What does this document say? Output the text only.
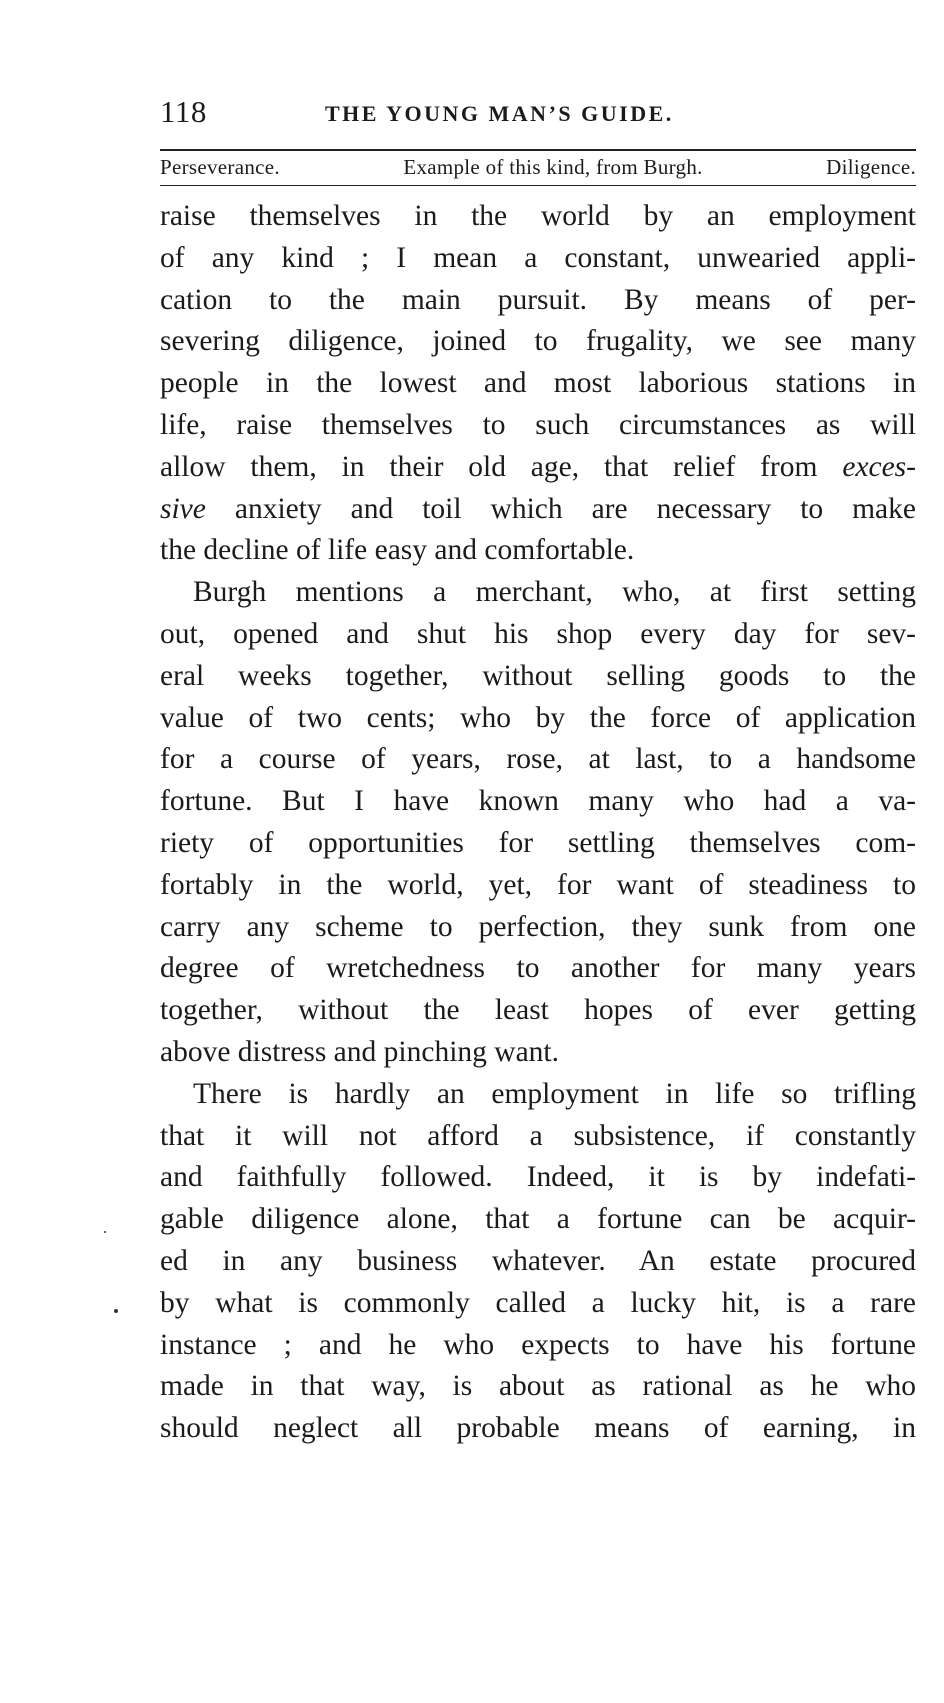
118	THE YOUNG MAN’S GUIDE.
Perseverance.	Example of this kind, from Burgh.	Diligence.
raise themselves in the world by an employment
of any kind ; I mean a constant, unwearied appli-
cation to the main pursuit. By means of per-
severing diligence, joined to frugality, we see many
people in the lowest and most laborious stations in
life, raise themselves to such circumstances as will
allow them, in their old age, that relief from exces-
sive anxiety and toil which are necessary to make
the decline of life easy and comfortable.
Burgh mentions a merchant, who, at first setting
out, opened and shut his shop every day for sev-
eral weeks together, without selling goods to the
value of two cents; who by the force of application
for a course of years, rose, at last, to a handsome
fortune. But I have known many who had a va-
riety of opportunities for settling themselves com-
fortably in the world, yet, for want of steadiness to
carry any scheme to perfection, they sunk from one
degree of wretchedness to another for many years
together, without the least hopes of ever getting
above distress and pinching want.
There is hardly an employment in life so trifling
that it will not afford a subsistence, if constantly
and faithfully followed. Indeed, it is by indefati-
gable diligence alone, that a fortune can be acquir-
ed in any business whatever. An estate procured
by what is commonly called a lucky hit, is a rare
instance ; and he who expects to have his fortune
made in that way, is about as rational as he who
should neglect all probable means of earning, in
